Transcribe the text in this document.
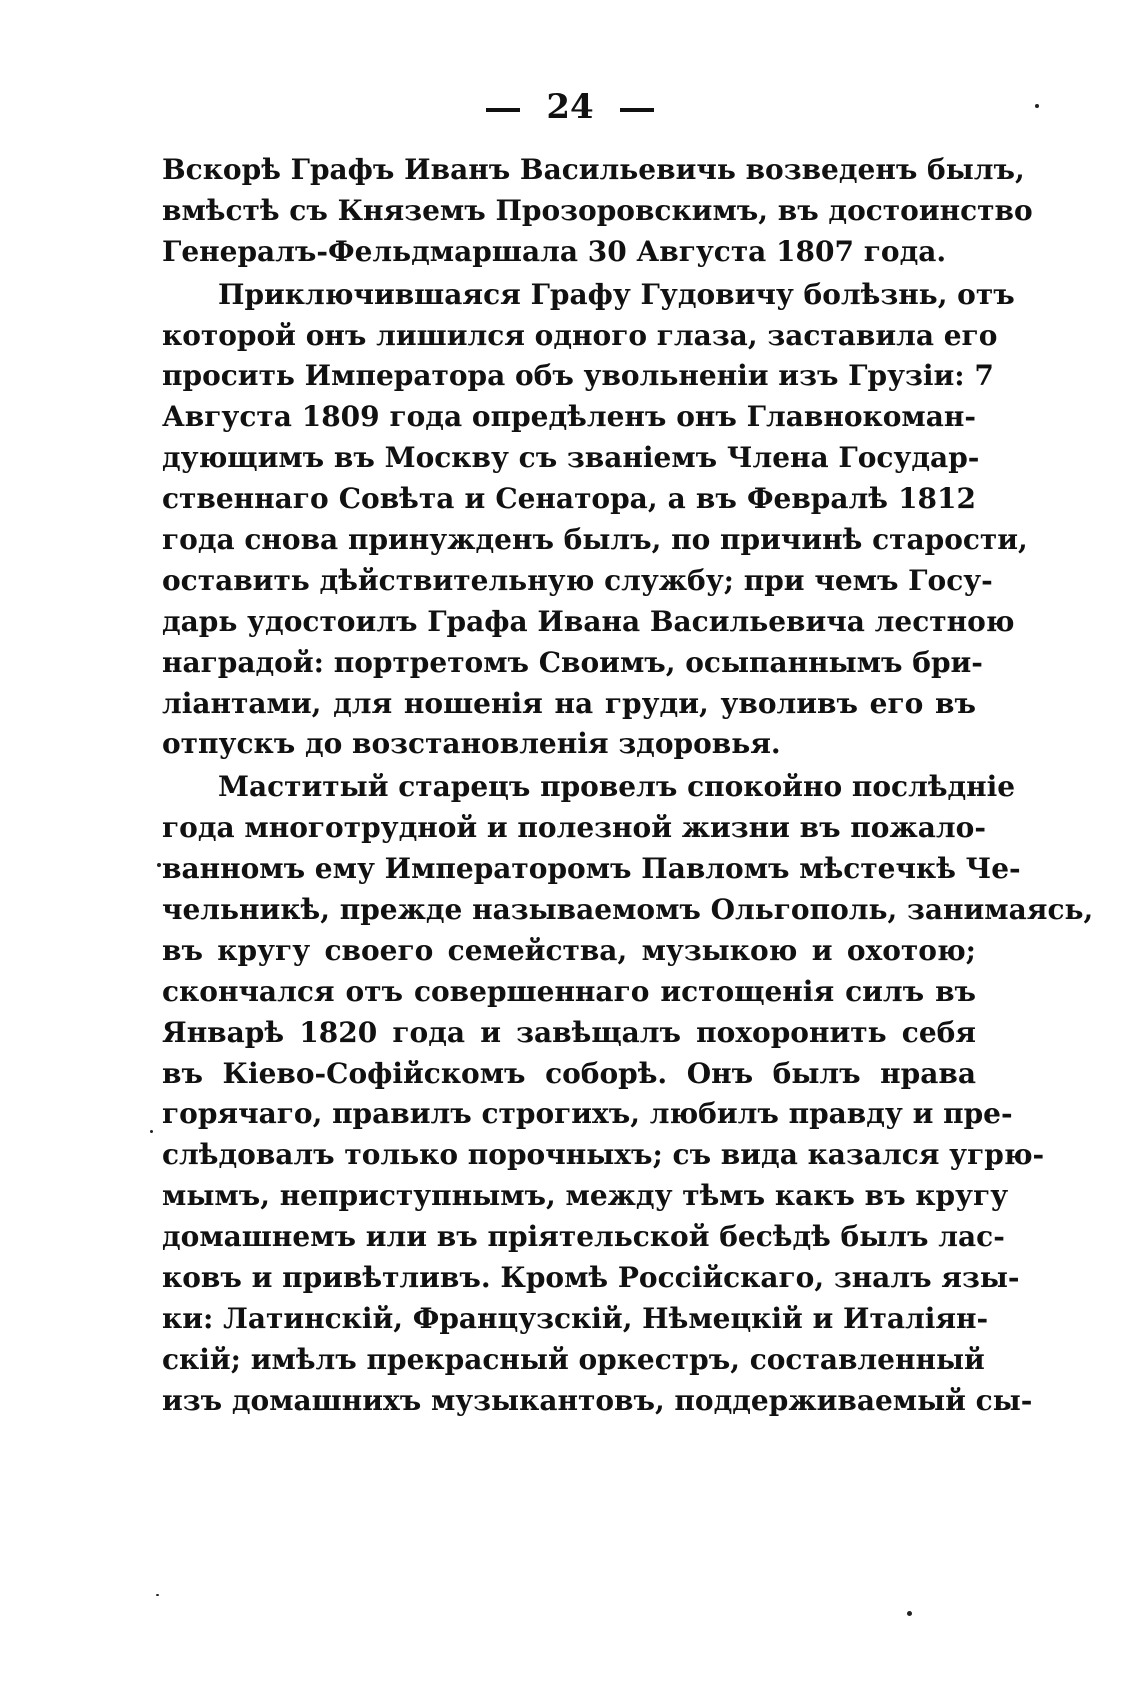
24

Вскорѣ Графъ Иванъ Васильевичь возведенъ былъ,
вмѣстѣ съ Княземъ Прозоровскимъ, въ достоинство
Генералъ-Фельдмаршала 30 Августа 1807 года.

Приключившаяся Графу Гудовичу болѣзнь, отъ
которой онъ лишился одного глаза, заставила его
просить Императора объ увольненіи изъ Грузіи: 7
Августа 1809 года опредѣленъ онъ Главнокоман-
дующимъ въ Москву съ званіемъ Члена Государ-
ственнаго Совѣта и Сенатора, а въ Февралѣ 1812
года снова принужденъ былъ, по причинѣ старости,
оставить дѣйствительную службу; при чемъ Госу-
дарь удостоилъ Графа Ивана Васильевича лестною
наградой: портретомъ Своимъ, осыпаннымъ бри-
ліантами, для ношенія на груди, уволивъ его въ
отпускъ до возстановленія здоровья.

Маститый старецъ провелъ спокойно послѣдніе
года многотрудной и полезной жизни въ пожало-
ванномъ ему Императоромъ Павломъ мѣстечкѣ Че-
чельникѣ, прежде называемомъ Ольгополь, занимаясь,
въ кругу своего семейства, музыкою и охотою;
скончался отъ совершеннаго истощенія силъ въ
Январѣ 1820 года и завѣщалъ похоронить себя
въ Кіево-Софійскомъ соборѣ. Онъ былъ нрава
горячаго, правилъ строгихъ, любилъ правду и пре-
слѣдовалъ только порочныхъ; съ вида казался угрю-
мымъ, неприступнымъ, между тѣмъ какъ въ кругу
домашнемъ или въ пріятельской бесѣдѣ былъ лас-
ковъ и привѣтливъ. Кромѣ Россійскаго, зналъ язы-
ки: Латинскій, Французскій, Нѣмецкій и Италіян-
скій; имѣлъ прекрасный оркестръ, составленный
изъ домашнихъ музыкантовъ, поддерживаемый сы-
